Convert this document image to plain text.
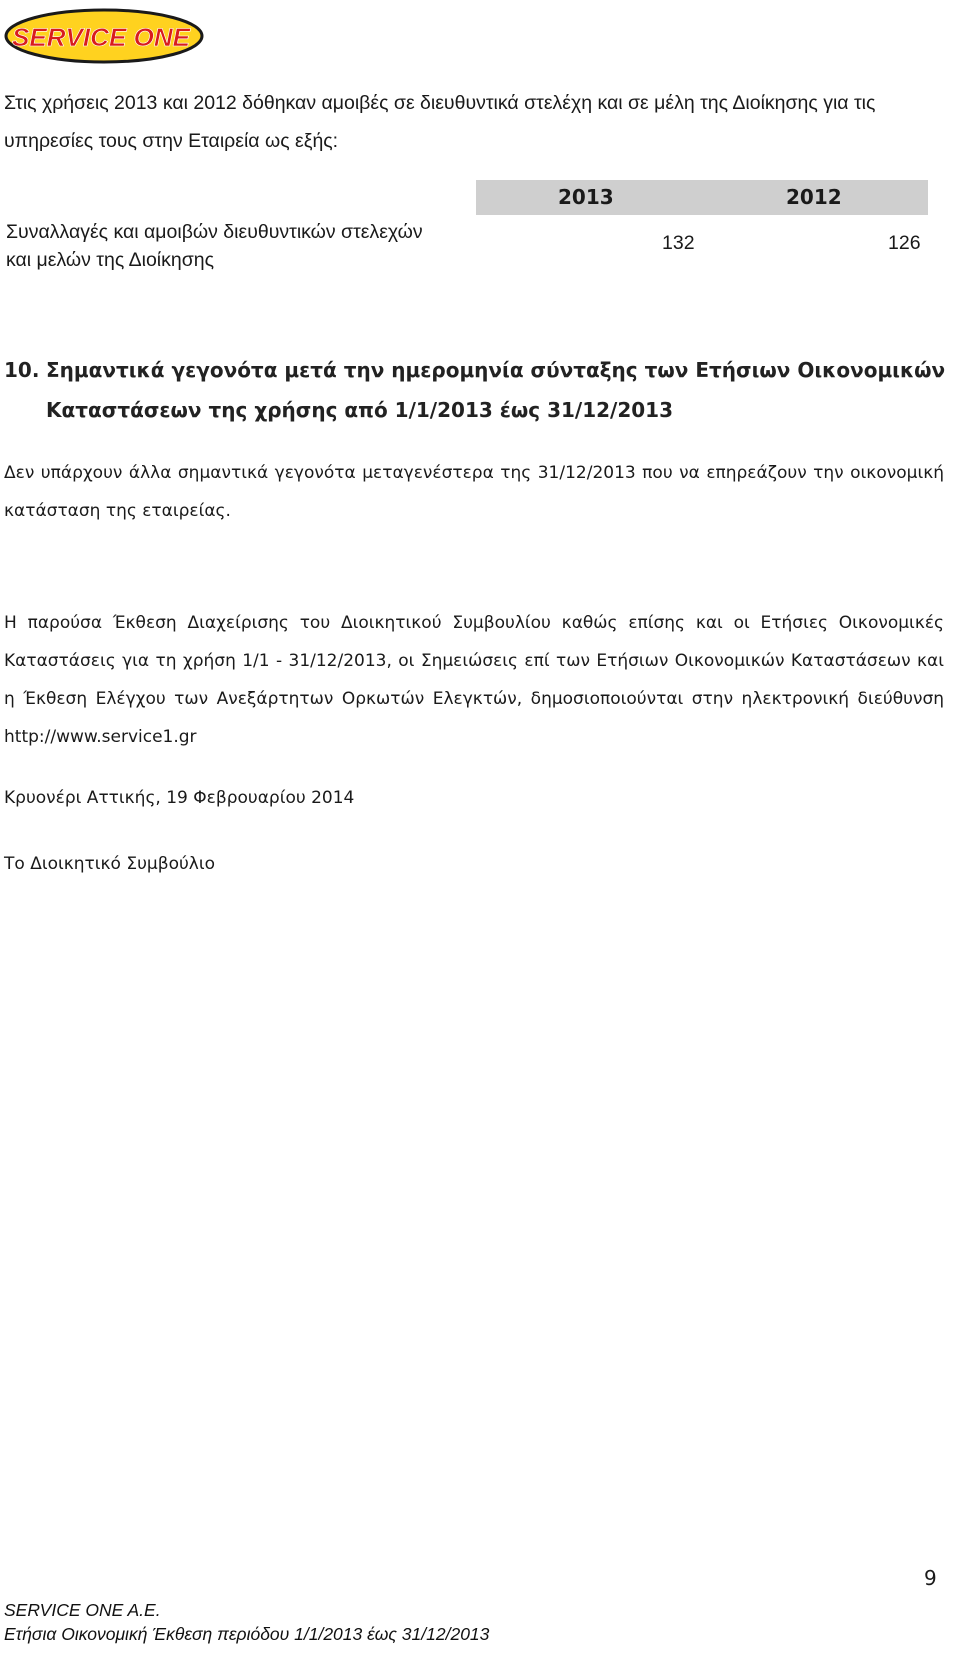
SERVICE ONE
Στις χρήσεις 2013 και 2012 δόθηκαν αμοιβές σε διευθυντικά στελέχη και σε μέλη της Διοίκησης για τις υπηρεσίες τους στην Εταιρεία ως εξής:
2013	2012
Συναλλαγές και αμοιβών διευθυντικών στελεχών
και μελών της Διοίκησης
132	126
10. Σημαντικά γεγονότα μετά την ημερομηνία σύνταξης των Ετήσιων Οικονομικών
Καταστάσεων της χρήσης από 1/1/2013 έως 31/12/2013
Δεν υπάρχουν άλλα σημαντικά γεγονότα μεταγενέστερα της 31/12/2013 που να επηρεάζουν την οικονομική κατάσταση της εταιρείας.
Η παρούσα Έκθεση Διαχείρισης του Διοικητικού Συμβουλίου καθώς επίσης και οι Ετήσιες Οικονομικές Καταστάσεις για τη χρήση 1/1 - 31/12/2013, οι Σημειώσεις επί των Ετήσιων Οικονομικών Καταστάσεων και η Έκθεση Ελέγχου των Ανεξάρτητων Ορκωτών Ελεγκτών, δημοσιοποιούνται στην ηλεκτρονική διεύθυνση http://www.service1.gr
Κρυονέρι Αττικής, 19 Φεβρουαρίου 2014
Το Διοικητικό Συμβούλιο
9
SERVICE ONE A.E.
Ετήσια Οικονομική Έκθεση περιόδου 1/1/2013 έως 31/12/2013
